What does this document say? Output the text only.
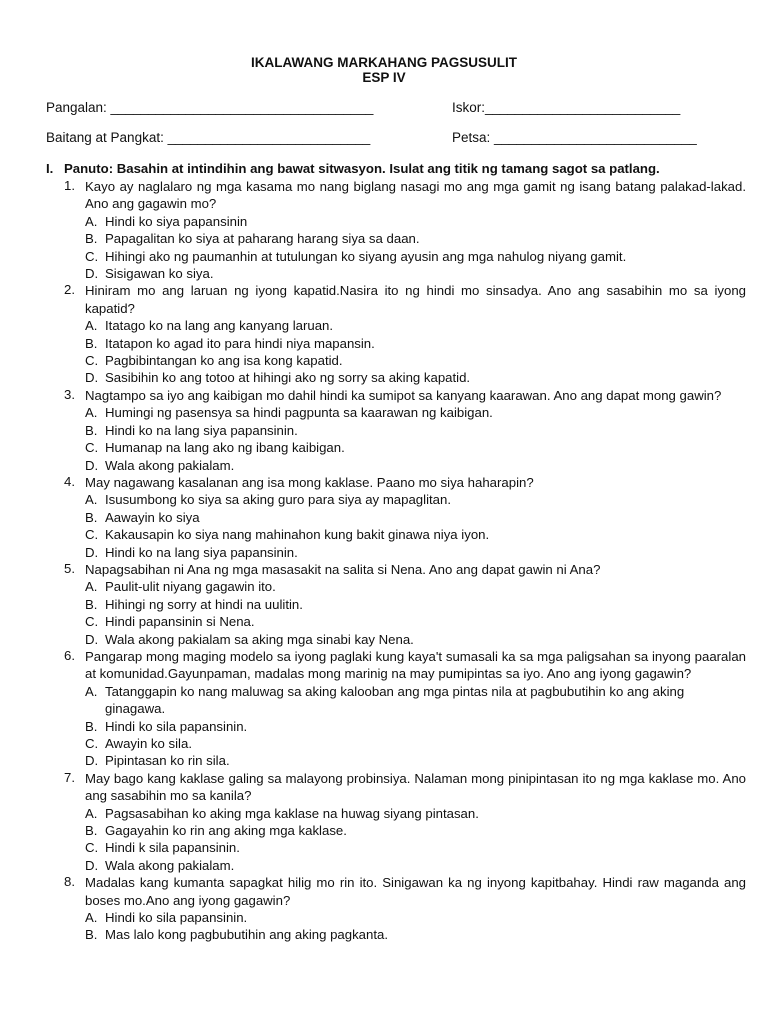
IKALAWANG MARKAHANG PAGSUSULIT
ESP IV
Pangalan: ___________________________________	Iskor:__________________________
Baitang at Pangkat: ___________________________	Petsa: ___________________________
I. Panuto: Basahin at intindihin ang bawat sitwasyon. Isulat ang titik ng tamang sagot sa patlang.
1. Kayo ay naglalaro ng mga kasama mo nang biglang nasagi mo ang mga gamit ng isang batang palakad-lakad. Ano ang gagawin mo?
A. Hindi ko siya papansinin
B. Papagalitan ko siya at paharang harang siya sa daan.
C. Hihingi ako ng paumanhin at tutulungan ko siyang ayusin ang mga nahulog niyang gamit.
D. Sisigawan ko siya.
2. Hiniram mo ang laruan ng iyong kapatid.Nasira ito ng hindi mo sinsadya. Ano ang sasabihin mo sa iyong kapatid?
A. Itatago ko na lang ang kanyang laruan.
B. Itatapon ko agad ito para hindi niya mapansin.
C. Pagbibintangan ko ang isa kong kapatid.
D. Sasibihin ko ang totoo at hihingi ako ng sorry sa aking kapatid.
3. Nagtampo sa iyo ang kaibigan mo dahil hindi ka sumipot sa kanyang kaarawan. Ano ang dapat mong gawin?
A. Humingi ng pasensya sa hindi pagpunta sa kaarawan ng kaibigan.
B. Hindi ko na lang siya papansinin.
C. Humanap na lang ako ng ibang kaibigan.
D. Wala akong pakialam.
4. May nagawang kasalanan ang isa mong kaklase. Paano mo siya haharapin?
A. Isusumbong ko siya sa aking guro para siya ay mapaglitan.
B. Aawayin ko siya
C. Kakausapin ko siya nang mahinahon kung bakit ginawa niya iyon.
D. Hindi ko na lang siya papansinin.
5. Napagsabihan ni Ana ng mga masasakit na salita si Nena. Ano ang dapat gawin ni Ana?
A. Paulit-ulit niyang gagawin ito.
B. Hihingi ng sorry at hindi na uulitin.
C. Hindi papansinin si Nena.
D. Wala akong pakialam sa aking mga sinabi kay Nena.
6. Pangarap mong maging modelo sa iyong paglaki kung kaya't sumasali ka sa mga paligsahan sa inyong paaralan at komunidad.Gayunpaman, madalas mong marinig na may pumipintas sa iyo. Ano ang iyong gagawin?
A. Tatanggapin ko nang maluwag sa aking kalooban ang mga pintas nila at pagbubutihin ko ang aking ginagawa.
B. Hindi ko sila papansinin.
C. Awayin ko sila.
D. Pipintasan ko rin sila.
7. May bago kang kaklase galing sa malayong probinsiya. Nalaman mong pinipintasan ito ng mga kaklase mo. Ano ang sasabihin mo sa kanila?
A. Pagsasabihan ko aking mga kaklase na huwag siyang pintasan.
B. Gagayahin ko rin ang aking mga kaklase.
C. Hindi k sila papansinin.
D. Wala akong pakialam.
8. Madalas kang kumanta sapagkat hilig mo rin ito. Sinigawan ka ng inyong kapitbahay. Hindi raw maganda ang boses mo.Ano ang iyong gagawin?
A. Hindi ko sila papansinin.
B. Mas lalo kong pagbubutihin ang aking pagkanta.
